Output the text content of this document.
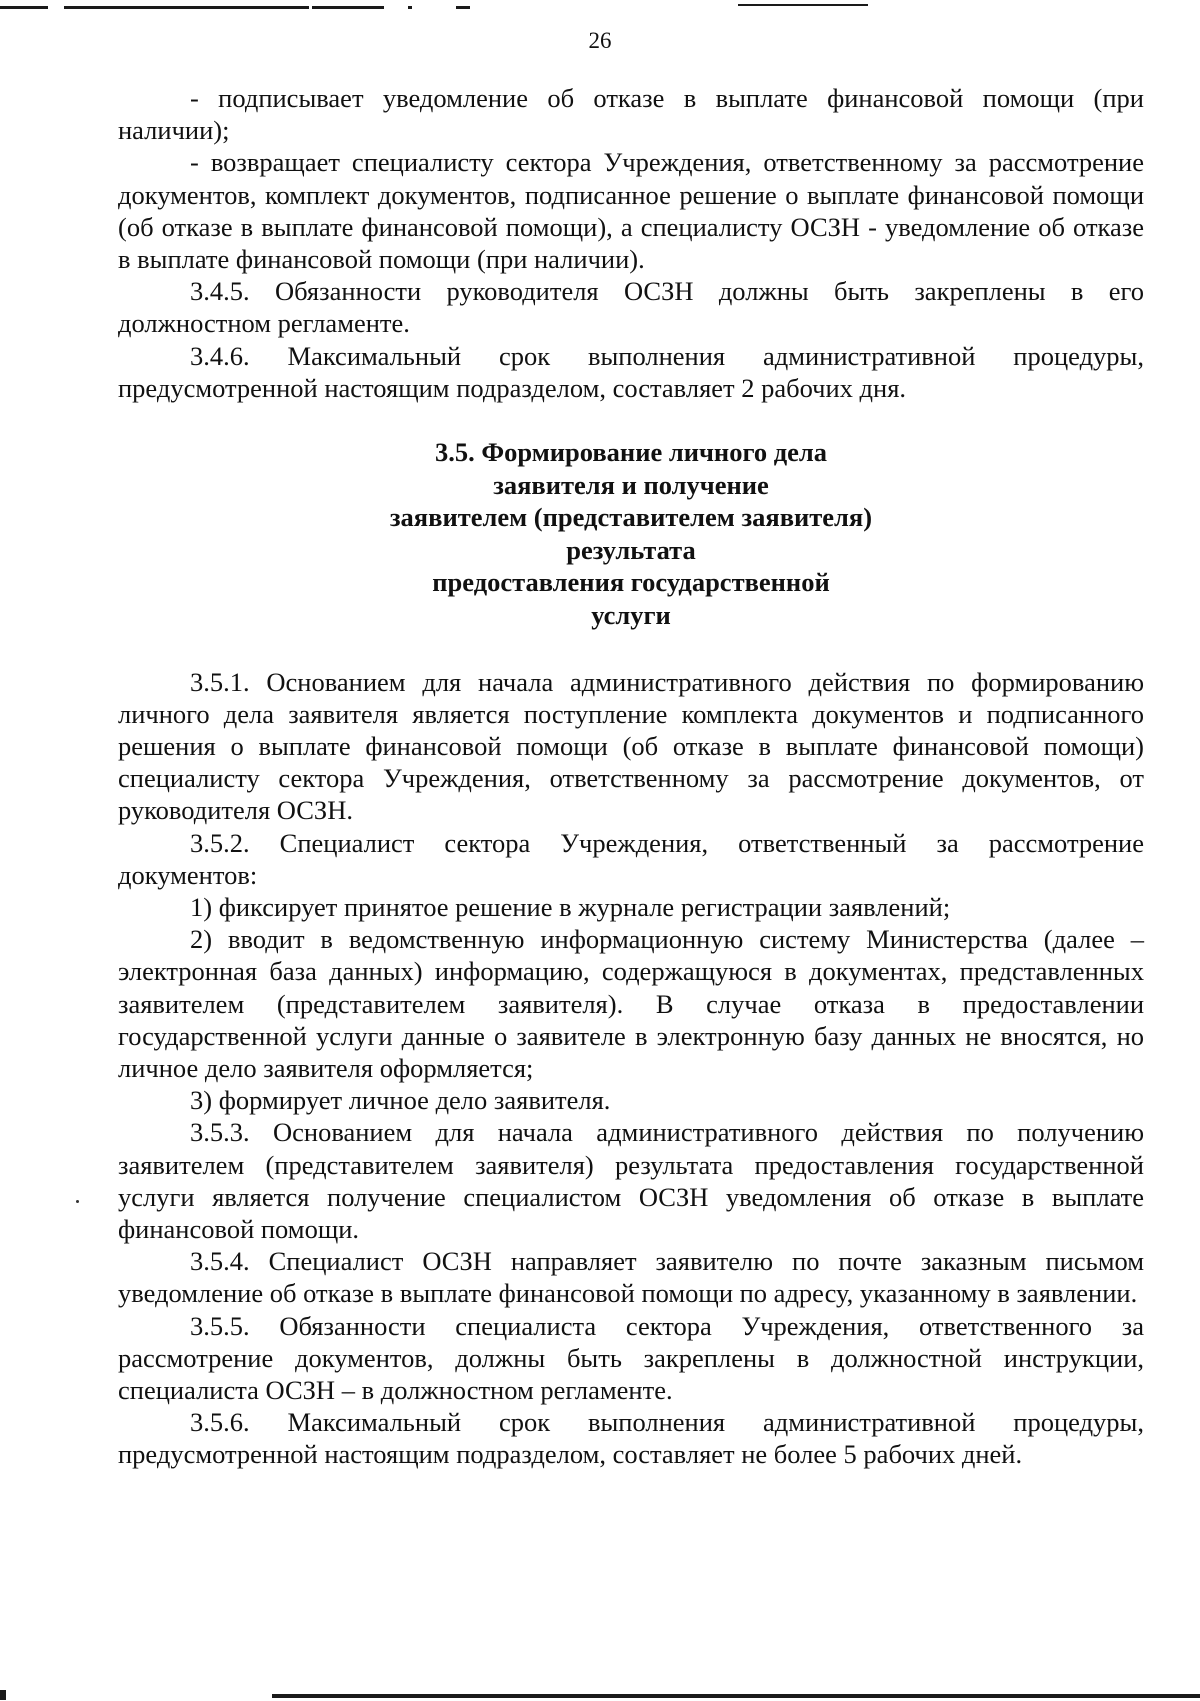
26

- подписывает уведомление об отказе в выплате финансовой помощи (при наличии);

- возвращает специалисту сектора Учреждения, ответственному за рассмотрение документов, комплект документов, подписанное решение о выплате финансовой помощи (об отказе в выплате финансовой помощи), а специалисту ОСЗН - уведомление об отказе в выплате финансовой помощи (при наличии).

3.4.5. Обязанности руководителя ОСЗН должны быть закреплены в его должностном регламенте.

3.4.6. Максимальный срок выполнения административной процедуры, предусмотренной настоящим подразделом, составляет 2 рабочих дня.

3.5. Формирование личного дела
заявителя и получение
заявителем (представителем заявителя)
результата
предоставления государственной
услуги

3.5.1. Основанием для начала административного действия по формированию личного дела заявителя является поступление комплекта документов и подписанного решения о выплате финансовой помощи (об отказе в выплате финансовой помощи) специалисту сектора Учреждения, ответственному за рассмотрение документов, от руководителя ОСЗН.

3.5.2. Специалист сектора Учреждения, ответственный за рассмотрение документов:

1) фиксирует принятое решение в журнале регистрации заявлений;

2) вводит в ведомственную информационную систему Министерства (далее – электронная база данных) информацию, содержащуюся в документах, представленных заявителем (представителем заявителя). В случае отказа в предоставлении государственной услуги данные о заявителе в электронную базу данных не вносятся, но личное дело заявителя оформляется;

3) формирует личное дело заявителя.

3.5.3. Основанием для начала административного действия по получению заявителем (представителем заявителя) результата предоставления государственной услуги является получение специалистом ОСЗН уведомления об отказе в выплате финансовой помощи.

3.5.4. Специалист ОСЗН направляет заявителю по почте заказным письмом уведомление об отказе в выплате финансовой помощи по адресу, указанному в заявлении.

3.5.5. Обязанности специалиста сектора Учреждения, ответственного за рассмотрение документов, должны быть закреплены в должностной инструкции, специалиста ОСЗН – в должностном регламенте.

3.5.6. Максимальный срок выполнения административной процедуры, предусмотренной настоящим подразделом, составляет не более 5 рабочих дней.
